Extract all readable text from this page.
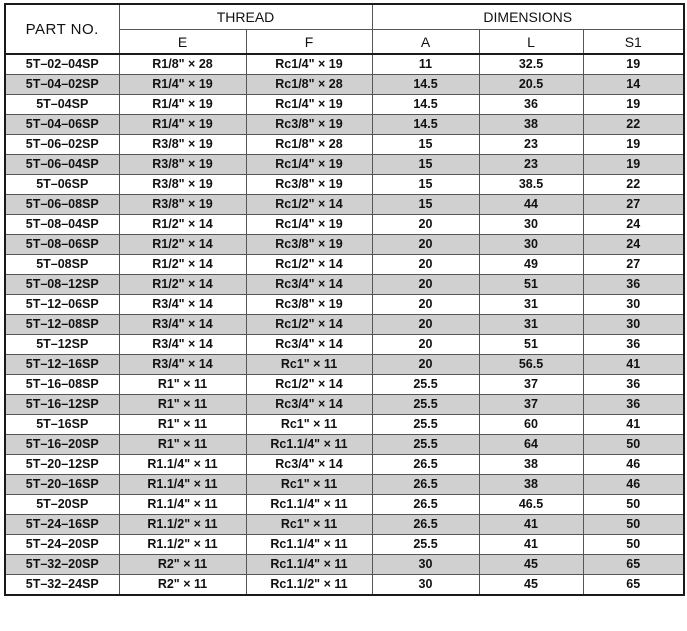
PART NO.	THREAD		DIMENSIONS		
	E	F	A	L	S1
5T–02–04SP	R1/8" × 28	Rc1/4" × 19	11	32.5	19
5T–04–02SP	R1/4" × 19	Rc1/8" × 28	14.5	20.5	14
5T–04SP	R1/4" × 19	Rc1/4" × 19	14.5	36	19
5T–04–06SP	R1/4" × 19	Rc3/8" × 19	14.5	38	22
5T–06–02SP	R3/8" × 19	Rc1/8" × 28	15	23	19
5T–06–04SP	R3/8" × 19	Rc1/4" × 19	15	23	19
5T–06SP	R3/8" × 19	Rc3/8" × 19	15	38.5	22
5T–06–08SP	R3/8" × 19	Rc1/2" × 14	15	44	27
5T–08–04SP	R1/2" × 14	Rc1/4" × 19	20	30	24
5T–08–06SP	R1/2" × 14	Rc3/8" × 19	20	30	24
5T–08SP	R1/2" × 14	Rc1/2" × 14	20	49	27
5T–08–12SP	R1/2" × 14	Rc3/4" × 14	20	51	36
5T–12–06SP	R3/4" × 14	Rc3/8" × 19	20	31	30
5T–12–08SP	R3/4" × 14	Rc1/2" × 14	20	31	30
5T–12SP	R3/4" × 14	Rc3/4" × 14	20	51	36
5T–12–16SP	R3/4" × 14	Rc1" × 11	20	56.5	41
5T–16–08SP	R1" × 11	Rc1/2" × 14	25.5	37	36
5T–16–12SP	R1" × 11	Rc3/4" × 14	25.5	37	36
5T–16SP	R1" × 11	Rc1" × 11	25.5	60	41
5T–16–20SP	R1" × 11	Rc1.1/4" × 11	25.5	64	50
5T–20–12SP	R1.1/4" × 11	Rc3/4" × 14	26.5	38	46
5T–20–16SP	R1.1/4" × 11	Rc1" × 11	26.5	38	46
5T–20SP	R1.1/4" × 11	Rc1.1/4" × 11	26.5	46.5	50
5T–24–16SP	R1.1/2" × 11	Rc1" × 11	26.5	41	50
5T–24–20SP	R1.1/2" × 11	Rc1.1/4" × 11	25.5	41	50
5T–32–20SP	R2" × 11	Rc1.1/4" × 11	30	45	65
5T–32–24SP	R2" × 11	Rc1.1/2" × 11	30	45	65
